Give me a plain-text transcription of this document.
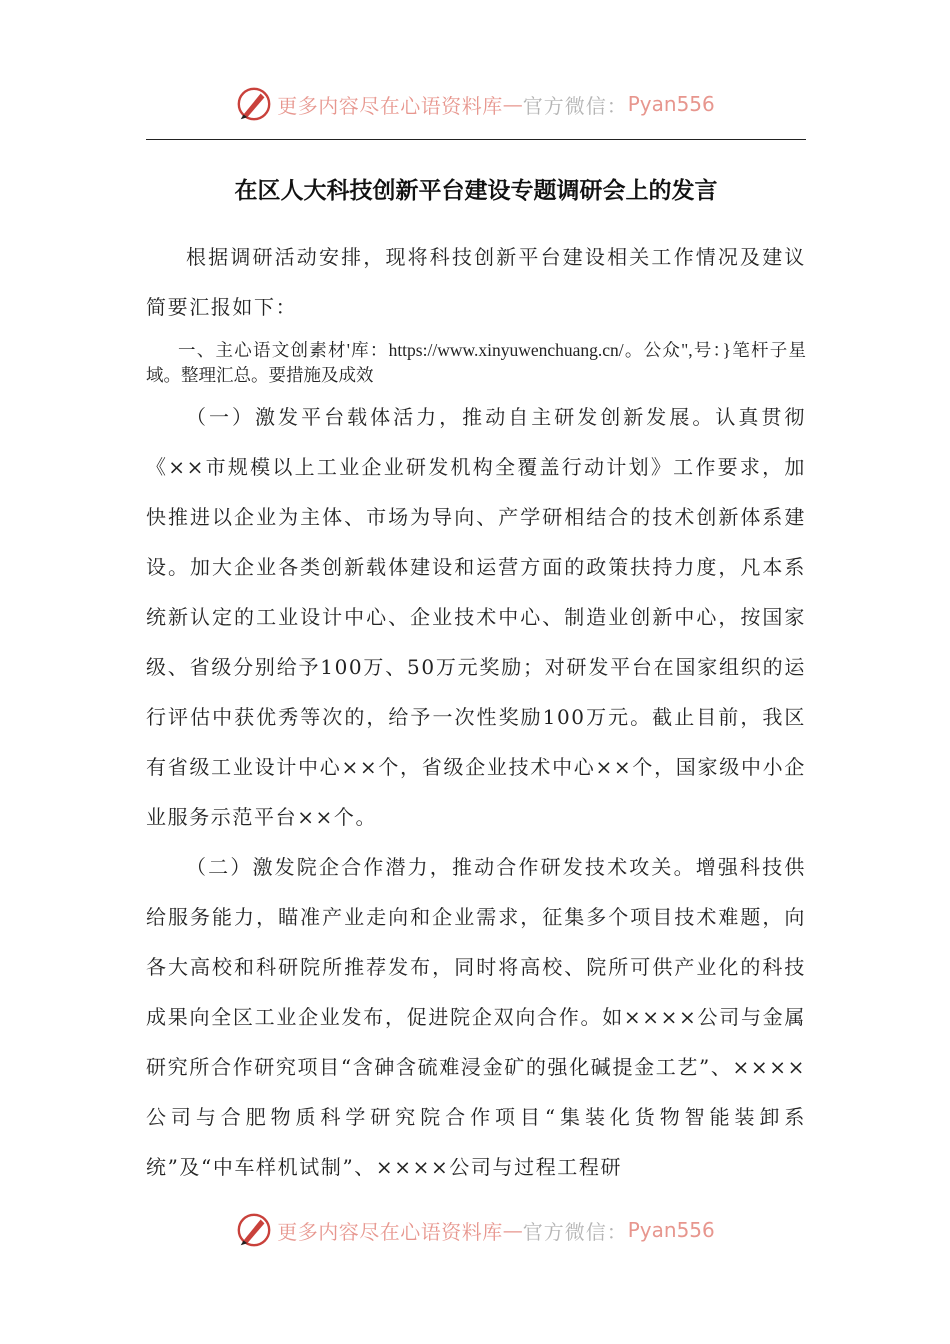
更多内容尽在心语资料库 — 官方微信： Pyan556
在区人大科技创新平台建设专题调研会上的发言

根据调研活动安排，现将科技创新平台建设相关工作情况及建议简要汇报如下：

一、主心语文创素材'库：https://www.xinyuwenchuang.cn/。公众",号：}笔杆子星域。整理汇总。要措施及成效

（一）激发平台载体活力，推动自主研发创新发展。认真贯彻《××市规模以上工业企业研发机构全覆盖行动计划》工作要求，加快推进以企业为主体、市场为导向、产学研相结合的技术创新体系建设。加大企业各类创新载体建设和运营方面的政策扶持力度，凡本系统新认定的工业设计中心、企业技术中心、制造业创新中心，按国家级、省级分别给予100万、50万元奖励；对研发平台在国家组织的运行评估中获优秀等次的，给予一次性奖励100万元。截止目前，我区有省级工业设计中心××个，省级企业技术中心××个，国家级中小企业服务示范平台××个。

（二）激发院企合作潜力，推动合作研发技术攻关。增强科技供给服务能力，瞄准产业走向和企业需求，征集多个项目技术难题，向各大高校和科研院所推荐发布，同时将高校、院所可供产业化的科技成果向全区工业企业发布，促进院企双向合作。如××××公司与金属研究所合作研究项目“含砷含硫难浸金矿的强化碱提金工艺”、××××公司与合肥物质科学研究院合作项目“集装化货物智能装卸系统”及“中车样机试制”、××××公司与过程工程研

更多内容尽在心语资料库 — 官方微信： Pyan556
